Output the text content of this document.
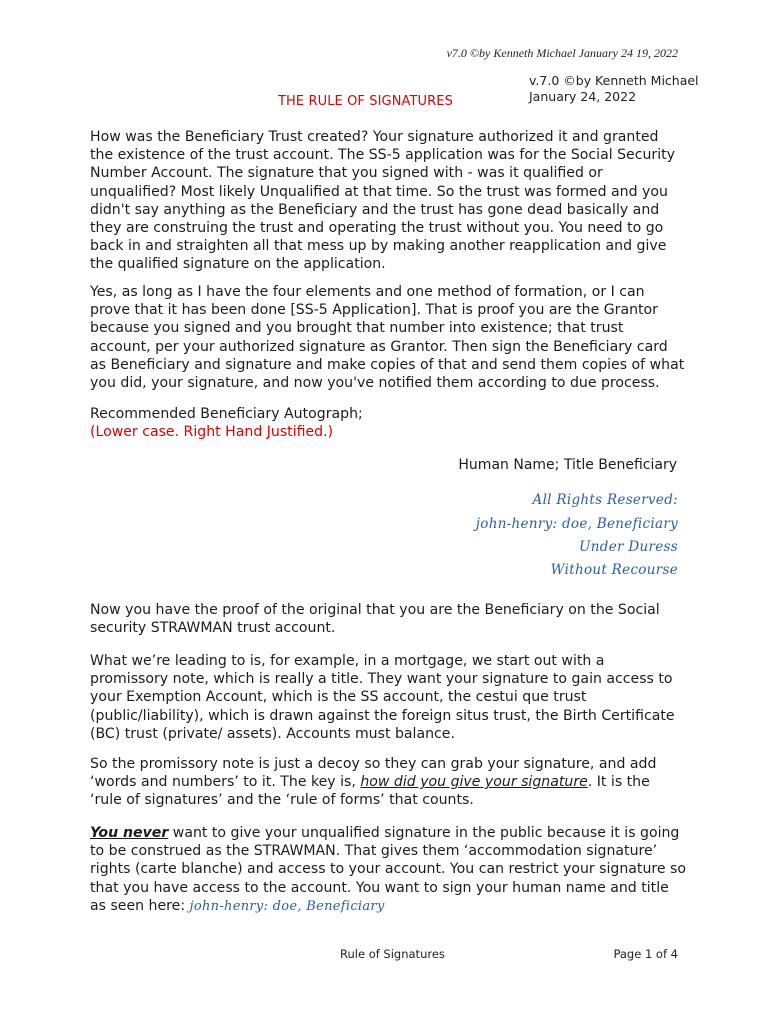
v7.0 ©by Kenneth Michael January 24 19, 2022
v.7.0 ©by Kenneth Michael January 24, 2022
THE RULE OF SIGNATURES
How was the Beneficiary Trust created? Your signature authorized it and granted the existence of the trust account. The SS-5 application was for the Social Security Number Account. The signature that you signed with - was it qualified or unqualified? Most likely Unqualified at that time. So the trust was formed and you didn't say anything as the Beneficiary and the trust has gone dead basically and they are construing the trust and operating the trust without you. You need to go back in and straighten all that mess up by making another reapplication and give the qualified signature on the application.
Yes, as long as I have the four elements and one method of formation, or I can prove that it has been done [SS-5 Application]. That is proof you are the Grantor because you signed and you brought that number into existence; that trust account, per your authorized signature as Grantor. Then sign the Beneficiary card as Beneficiary and signature and make copies of that and send them copies of what you did, your signature, and now you've notified them according to due process.
Recommended Beneficiary Autograph;
(Lower case. Right Hand Justified.)
Human Name; Title Beneficiary
All Rights Reserved:
john-henry: doe, Beneficiary
Under Duress
Without Recourse
Now you have the proof of the original that you are the Beneficiary on the Social security STRAWMAN trust account.
What we’re leading to is, for example, in a mortgage, we start out with a promissory note, which is really a title. They want your signature to gain access to your Exemption Account, which is the SS account, the cestui que trust (public/liability), which is drawn against the foreign situs trust, the Birth Certificate (BC) trust (private/ assets). Accounts must balance.
So the promissory note is just a decoy so they can grab your signature, and add ‘words and numbers’ to it. The key is, how did you give your signature. It is the ‘rule of signatures’ and the ‘rule of forms’ that counts.
You never want to give your unqualified signature in the public because it is going to be construed as the STRAWMAN. That gives them ‘accommodation signature’ rights (carte blanche) and access to your account. You can restrict your signature so that you have access to the account. You want to sign your human name and title as seen here: john-henry: doe, Beneficiary
Rule of Signatures	Page 1 of 4
